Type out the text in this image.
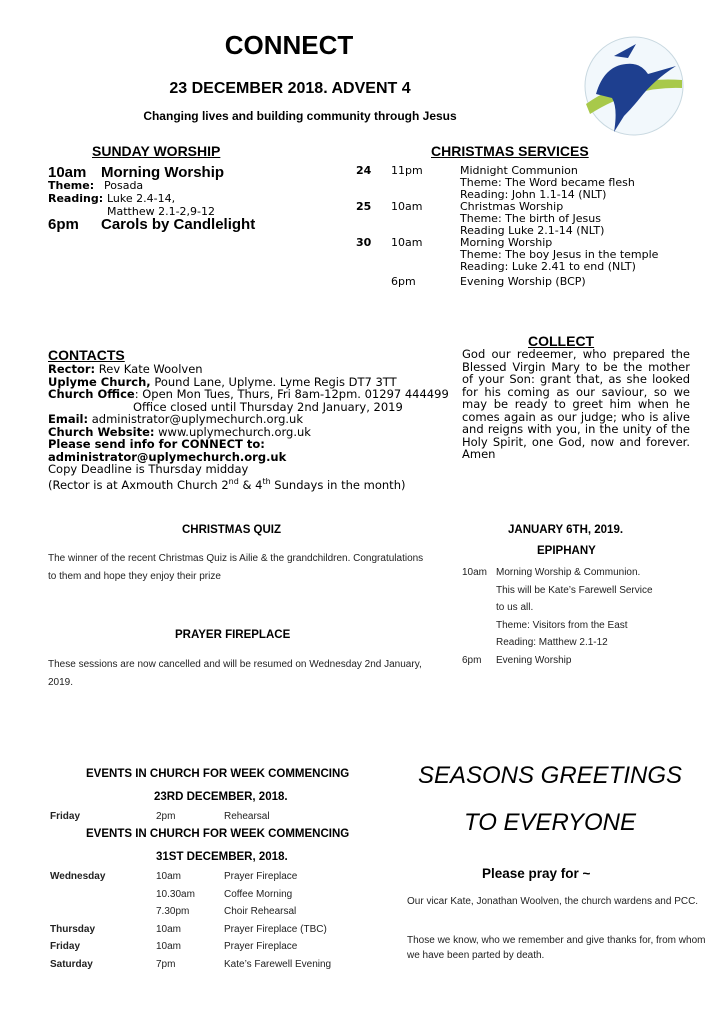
CONNECT
23 DECEMBER 2018. ADVENT 4
Changing lives and building community through Jesus
SUNDAY WORSHIP
10am Morning Worship
Theme: Posada
Reading: Luke 2.4-14,
Matthew 2.1-2,9-12
6pm Carols by Candlelight
CHRISTMAS SERVICES
24 11pm	Midnight Communion
Theme: The Word became flesh
Reading: John 1.1-14 (NLT)
25 10am	Christmas Worship
Theme: The birth of Jesus
Reading Luke 2.1-14 (NLT)
30 10am	Morning Worship
Theme: The boy Jesus in the temple
Reading: Luke 2.41 to end (NLT)
6pm	Evening Worship (BCP)
CONTACTS
Rector: Rev Kate Woolven
Uplyme Church, Pound Lane, Uplyme. Lyme Regis DT7 3TT
Church Office: Open Mon Tues, Thurs, Fri 8am-12pm. 01297 444499
Office closed until Thursday 2nd January, 2019
Email: administrator@uplymechurch.org.uk
Church Website: www.uplymechurch.org.uk
Please send info for CONNECT to:
administrator@uplymechurch.org.uk
Copy Deadline is Thursday midday
(Rector is at Axmouth Church 2nd & 4th Sundays in the month)
COLLECT
God our redeemer, who prepared the Blessed Virgin Mary to be the mother of your Son: grant that, as she looked for his coming as our saviour, so we may be ready to greet him when he comes again as our judge; who is alive and reigns with you, in the unity of the Holy Spirit, one God, now and forever. Amen
CHRISTMAS QUIZ
The winner of the recent Christmas Quiz is Ailie & the grandchildren. Congratulations to them and hope they enjoy their prize
PRAYER FIREPLACE
These sessions are now cancelled and will be resumed on Wednesday 2nd January, 2019.
JANUARY 6TH, 2019.
EPIPHANY
10am Morning Worship & Communion.
This will be Kate’s Farewell Service
to us all.
Theme: Visitors from the East
Reading: Matthew 2.1-12
6pm Evening Worship
EVENTS IN CHURCH FOR WEEK COMMENCING
23RD DECEMBER, 2018.
Friday	2pm	Rehearsal
EVENTS IN CHURCH FOR WEEK COMMENCING
31ST DECEMBER, 2018.
Wednesday	10am	Prayer Fireplace
10.30am	Coffee Morning
7.30pm	Choir Rehearsal
Thursday	10am	Prayer Fireplace (TBC)
Friday	10am	Prayer Fireplace
Saturday	7pm	Kate’s Farewell Evening
SEASONS GREETINGS
TO EVERYONE
Please pray for ~
Our vicar Kate, Jonathan Woolven, the church wardens and PCC.
Those we know, who we remember and give thanks for, from whom we have been parted by death.
